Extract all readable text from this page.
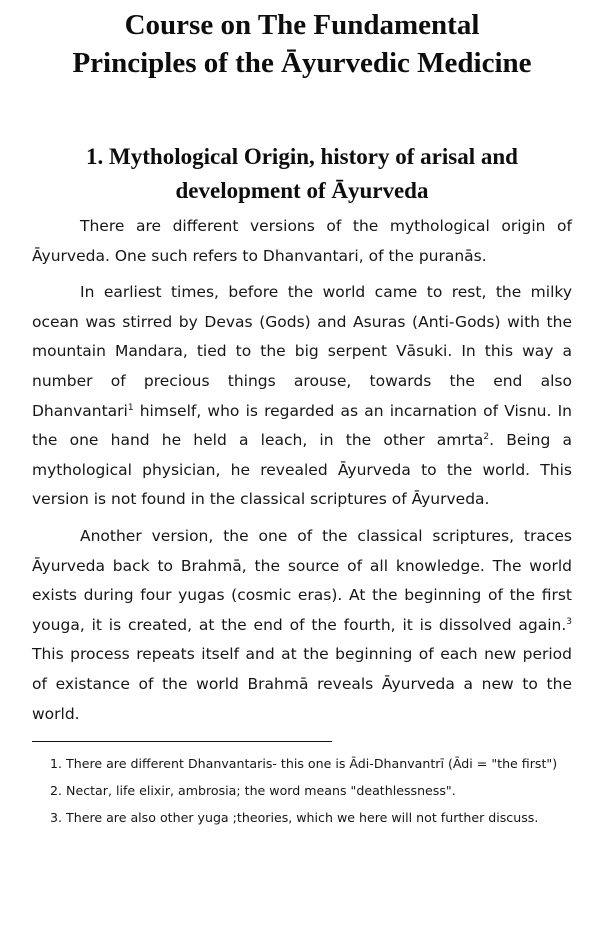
Course on The Fundamental
Principles of the Āyurvedic Medicine
1. Mythological Origin, history of arisal and
development of Āyurveda

There are different versions of the mythological origin of Āyurveda. One such refers to Dhanvantari, of the puranās.

In earliest times, before the world came to rest, the milky ocean was stirred by Devas (Gods) and Asuras (Anti-Gods) with the mountain Mandara, tied to the big serpent Vāsuki. In this way a number of precious things arouse, towards the end also Dhanvantari$^1$ himself, who is regarded as an incarnation of Visnu. In the one hand he held a leach, in the other amrta$^2$. Being a mythological physician, he revealed Āyurveda to the world. This version is not found in the classical scriptures of Āyurveda.

Another version, the one of the classical scriptures, traces Āyurveda back to Brahmā, the source of all knowledge. The world exists during four yugas (cosmic eras). At the beginning of the first youga, it is created, at the end of the fourth, it is dissolved again.$^3$ This process repeats itself and at the beginning of each new period of existance of the world Brahmā reveals Āyurveda a new to the world.

1. There are different Dhanvantaris- this one is Ādi-Dhanvantrī (Ādi = "the first")

2. Nectar, life elixir, ambrosia; the word means "deathlessness".

3. There are also other yuga ;theories, which we here will not further discuss.
